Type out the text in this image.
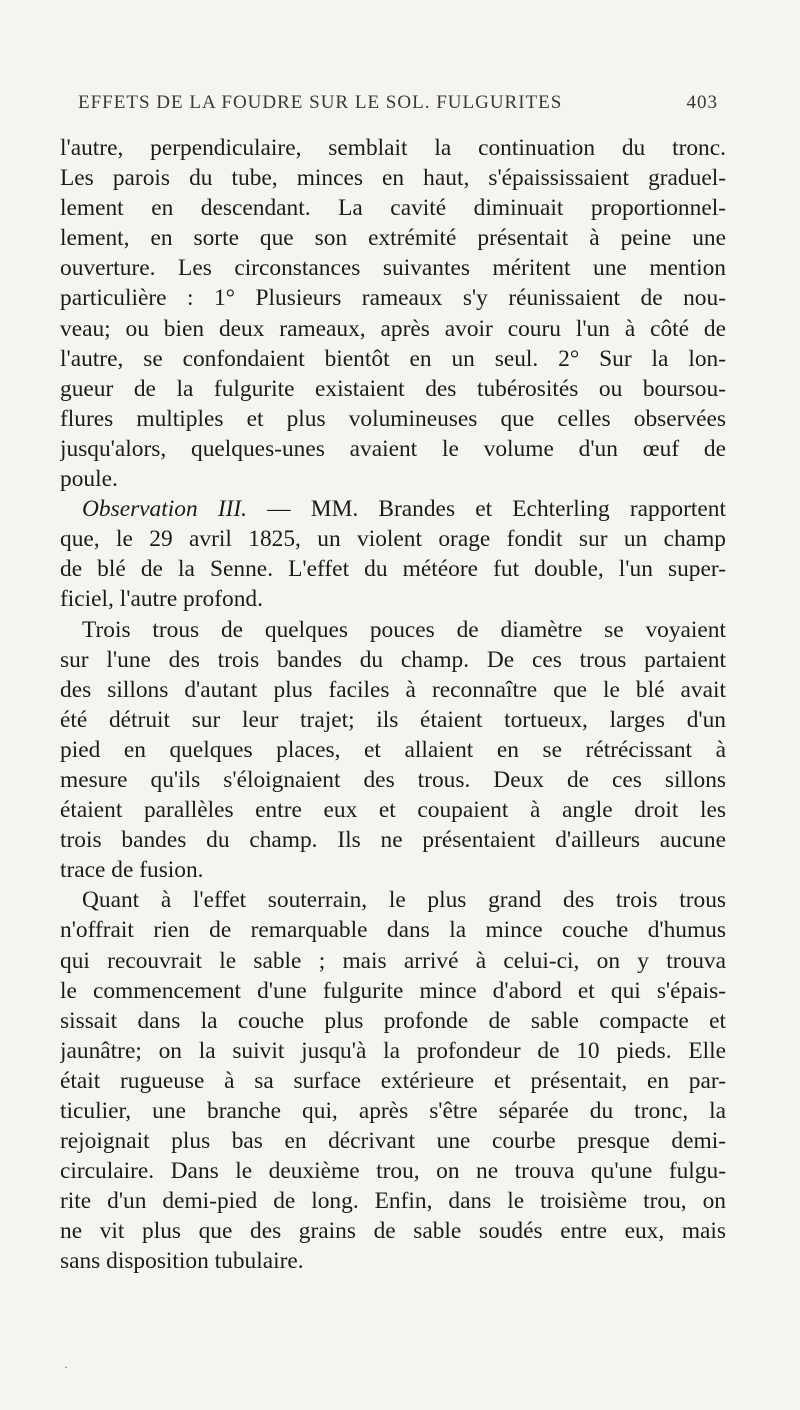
EFFETS DE LA FOUDRE SUR LE SOL. FULGURITES	403
l'autre, perpendiculaire, semblait la continuation du tronc.
Les parois du tube, minces en haut, s'épaississaient graduel-
lement en descendant. La cavité diminuait proportionnel-
lement, en sorte que son extrémité présentait à peine une
ouverture. Les circonstances suivantes méritent une mention
particulière : 1° Plusieurs rameaux s'y réunissaient de nou-
veau; ou bien deux rameaux, après avoir couru l'un à côté de
l'autre, se confondaient bientôt en un seul. 2° Sur la lon-
gueur de la fulgurite existaient des tubérosités ou boursou-
flures multiples et plus volumineuses que celles observées
jusqu'alors, quelques-unes avaient le volume d'un œuf de
poule.
Observation III. — MM. Brandes et Echterling rapportent
que, le 29 avril 1825, un violent orage fondit sur un champ
de blé de la Senne. L'effet du météore fut double, l'un super-
ficiel, l'autre profond.
Trois trous de quelques pouces de diamètre se voyaient
sur l'une des trois bandes du champ. De ces trous partaient
des sillons d'autant plus faciles à reconnaître que le blé avait
été détruit sur leur trajet; ils étaient tortueux, larges d'un
pied en quelques places, et allaient en se rétrécissant à
mesure qu'ils s'éloignaient des trous. Deux de ces sillons
étaient parallèles entre eux et coupaient à angle droit les
trois bandes du champ. Ils ne présentaient d'ailleurs aucune
trace de fusion.
Quant à l'effet souterrain, le plus grand des trois trous
n'offrait rien de remarquable dans la mince couche d'humus
qui recouvrait le sable ; mais arrivé à celui-ci, on y trouva
le commencement d'une fulgurite mince d'abord et qui s'épais-
sissait dans la couche plus profonde de sable compacte et
jaunâtre; on la suivit jusqu'à la profondeur de 10 pieds. Elle
était rugueuse à sa surface extérieure et présentait, en par-
ticulier, une branche qui, après s'être séparée du tronc, la
rejoignait plus bas en décrivant une courbe presque demi-
circulaire. Dans le deuxième trou, on ne trouva qu'une fulgu-
rite d'un demi-pied de long. Enfin, dans le troisième trou, on
ne vit plus que des grains de sable soudés entre eux, mais
sans disposition tubulaire.
·
